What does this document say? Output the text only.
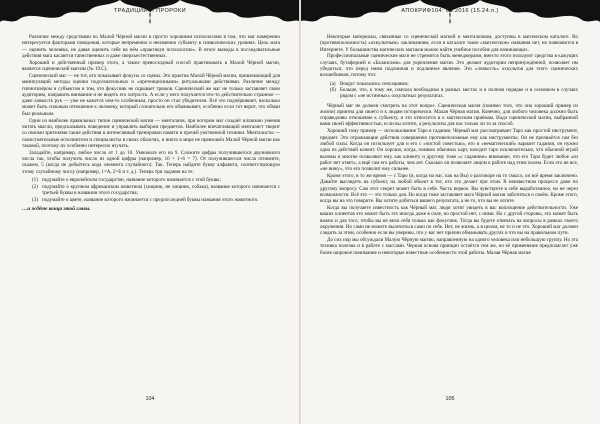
ТРАДИЦИИ И ПРОРОКИ	АПОКРИФ104: 06.2016 (15.24.п.)

Различие между средствами по Малой Чёрной магии и просто хорошими психологами в том, что маг намеренно интересуется факторами поведения, которые непременно и неизменно субъекту в символических уровнях. Цель мага — оценить человека, не давая оценить себе на нём «практикуя психологию». В итоге выводы в последовательные действия мага касаются таинственных и даже сверхъестественных.

Хороший и действенный пример этого, а также превосходный способ практиковать в Малой Чёрной магии, является сценический магизм (№ 19.С).

Сценический маг — не тот, кто показывает фокусы со сцены. Это практик Малой Чёрной магии, привлекающий для манипуляций методы оценки подсознательных и «претенциозными» ритуальными действиями. Различие между гипнотизёром и субъектом в том, что фокусник не скрывает трюков. Сценический же маг не только заставляет свою аудиторию, направить внимание и не видеть его хитрость. А если у него получается что-то действительно странное — даже ловкость рук — уже не кажется чем-то особенным, просто он стал убедителен. Всё это подчёркивает, насколько может быть сильным отношение к человеку, который сознательно его обманывает, особенно если тот верит, что обман был реальным.

Одни из наиболее правильных типов сценической магии — ментализм, при котором маг создаёт иллюзию умения читать мысли, предсказывать поведение и управлять выбором предметов. Наиболее впечатляющий менталист творит со своими зрителями такие действия и интенсивный тренировки памяти и прочей умственной техники. Менталисты — самостоятельные исполнители и специалисты в своих областях, и никто в мире не превзошёл Малой Чёрной магии как таковой, поэтому их особенно интересно изучать.

Заладайте, например, любое число от 1 до 10. Умножьте его на 9. Сложите цифры получившегося двузначного числа так, чтобы получить число из одной цифры (например, 16 = 1+6 = 7). От получившегося числа отнимите, скажем, 5 (когда не добьётесь кода элемента случайного). Так. Теперь найдите букву алфавита, соответствующую этому случайному числу (например, 1=А, 2=Б и т. д.). Теперь три задания на те:

(1) подумайте о европейском государстве, название которого начинается с этой буквы;
(2) подумайте о крупном африканском животном (хищник, не хищник, собака), название которого начинается с третьей буквы в названии этого государства;
(3) подумайте о цвете, название которого начинается с предпоследней буквы названия этого животного.
…и ждёте конца этой главы.

Некоторые материалы, связанные со сценической магией и ментализмом, доступны в магическом каталоге. Во (противоположность) «охкультным» заклинаниям, если в каталоге такое «магическое» названия нет, но появляются в Интернете. У большинства магических магиков можно найти учебное пособие для начинающих.

Профессиональные сценические маги не стремятся быть менеджерами, вместо этого пользуют средства в кажущих случаях, бутафорией и «Балансами» для укрепления магии. Это делают аудитории непринуждённой, позволяет им убедиться, что перед ними подлинная и подлинное явление. Это «ловкость» охкультов для этого сценических волшебников, потому что:

(а) Вокруг показались сенсациями;
(б) Больше, что, к тому же, сначала необходимо в разных местах и в полном порядке и в основном в случаях рядом с «не истинных» охкультных результатах.

Чёрный маг не должен смотреть на этот вопрос. Сценическая магия (помимо того, что она хороший пример из жизни) приятна для своего и к людям исторически. Малая Чёрная магия. Конечно, для любого человека должно быть справедливо отношение к субъекту, и это относится и к магическим приёмам. Надо сценической магии, выбранной вами своей эффективностью, если вы хотите, а результаты для нас только ли то за способ.

Хороший тому пример — использование Таро в гадании. Чёрный маг рассматривает Таро как простой инструмент, предмет. Это отражающие действия совершенно противоположные ему как инструменты. Он не признаётся сам без любой силы. Когда он использует для и его с «чистой совестью», его и «немагический» вариант гадания, он нужно одно из действий клиент. Он хорошо, когда, помимо обычных карт, находит таро исключительно, что обычной игрой вызовы и многие позволяют ему, как клиенту и другому тоже «с гаданием» внимание, что его Таро будет любое «из работ нет ответ», а ещё сам его работы, чем лет. Сколько он позволяет лицом к работе над этим полем. Если это не все, «не вижу», что его позволит ему сильнее.

Кроме этого, в то же время — с Таро (и, когда на нас, как на Вы) о разговоре на то смысл, он всё время заключено. Давайте выглядеть на субъект, на любой объект в тот, кто это делает при этом. В неизвестном процессе даже по другому вопросу. Сам этот секрет может быть в себе. Часть первое. Вы чувствуете в себе выработанное, но не через возможности. Всё это — это только для. Но когда тоже заставляет мага Чёрной магии заботиться о своём. Кроме этого, когда вы на это говорите. Вы хотите добиться вашего результата, а не то, что вы не хотите.

Когда вы получаете известность как Чёрный маг, люди хотят увидеть в вас воплощение действительности. Уже ваших клиентов это может быть это иногда даже в силе, но простой нет, с ними. Но с другой стороны, это может быть важно и для того, чтобы вы не вели себя только как фокусник. Тогда вы будете отвечать на вопросы в рамках своего окружения. Но сами не можете вылечиться сами по себе. Нет, не жизнь, а в целом, не то и не это. Хороший маг должен следить за этим, особенно если вы уверены, что у вас нет причин обманывать других и что вы на правильном пути.

До сих пор мы обсуждали Малую Чёрную магию, направленную на одного человека или небольшую группу. Но эта техника полезна и в работе с массами. Черная основа принцип остаётся тем же, но её применение предполагает уже более широкое понимание и некоторые известные особенности этой работы. Малая Чёрная магия

104	105
